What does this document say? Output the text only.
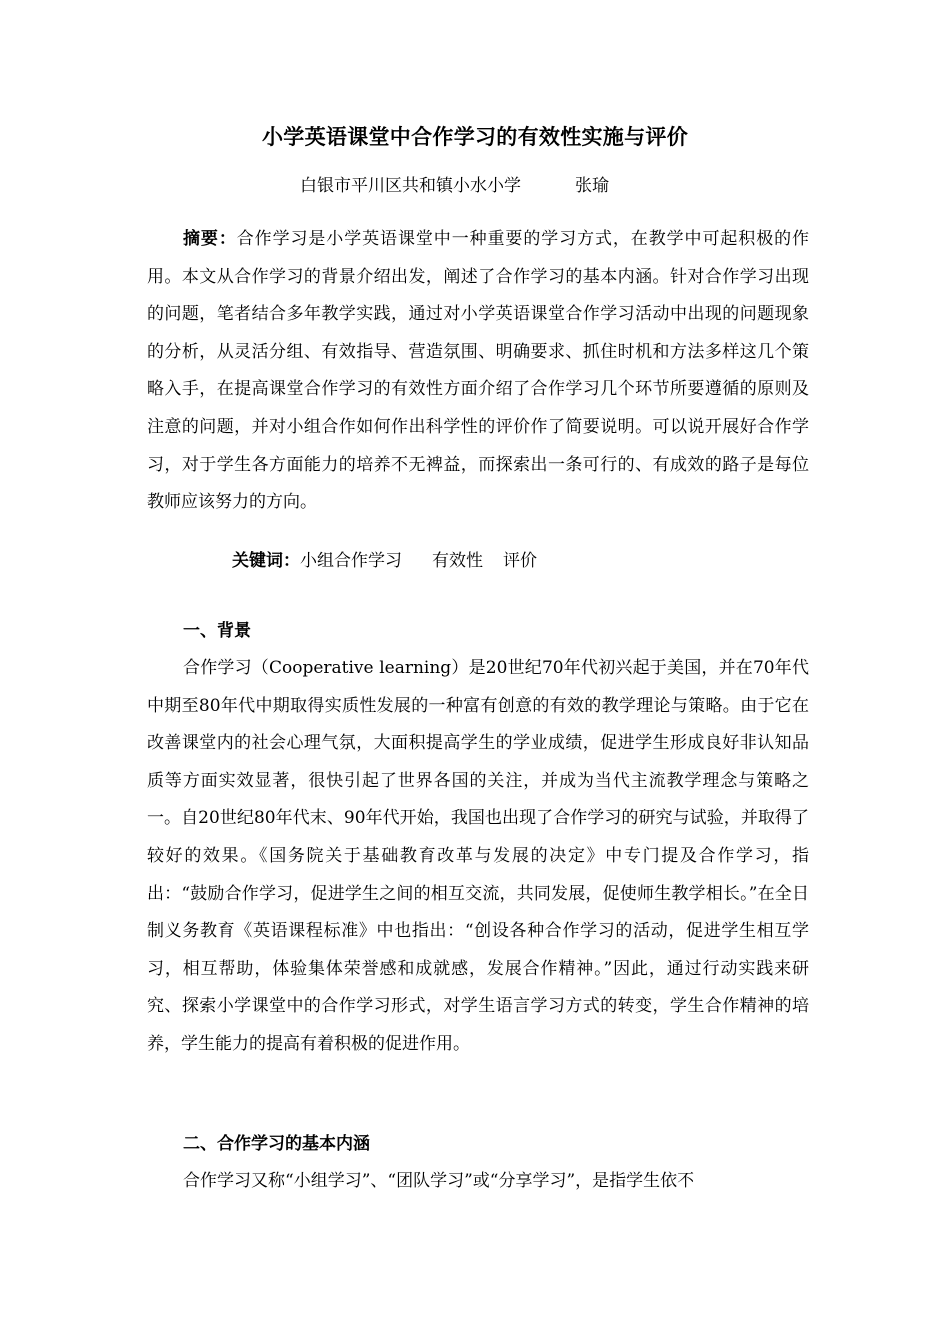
小学英语课堂中合作学习的有效性实施与评价
白银市平川区共和镇小水小学	张瑜
摘要：合作学习是小学英语课堂中一种重要的学习方式，在教学中可起积极的作用。本文从合作学习的背景介绍出发，阐述了合作学习的基本内涵。针对合作学习出现的问题，笔者结合多年教学实践，通过对小学英语课堂合作学习活动中出现的问题现象的分析，从灵活分组、有效指导、营造氛围、明确要求、抓住时机和方法多样这几个策略入手，在提高课堂合作学习的有效性方面介绍了合作学习几个环节所要遵循的原则及注意的问题，并对小组合作如何作出科学性的评价作了简要说明。可以说开展好合作学习，对于学生各方面能力的培养不无裨益，而探索出一条可行的、有成效的路子是每位教师应该努力的方向。
关键词：小组合作学习 有效性 评价
一、背景
合作学习（Cooperative learning）是20世纪70年代初兴起于美国，并在70年代中期至80年代中期取得实质性发展的一种富有创意的有效的教学理论与策略。由于它在改善课堂内的社会心理气氛，大面积提高学生的学业成绩，促进学生形成良好非认知品质等方面实效显著，很快引起了世界各国的关注，并成为当代主流教学理念与策略之一。自20世纪80年代末、90年代开始，我国也出现了合作学习的研究与试验，并取得了较好的效果。《国务院关于基础教育改革与发展的决定》中专门提及合作学习，指出：“鼓励合作学习，促进学生之间的相互交流，共同发展，促使师生教学相长。”在全日制义务教育《英语课程标准》中也指出：“创设各种合作学习的活动，促进学生相互学习，相互帮助，体验集体荣誉感和成就感，发展合作精神。”因此，通过行动实践来研究、探索小学课堂中的合作学习形式，对学生语言学习方式的转变，学生合作精神的培养，学生能力的提高有着积极的促进作用。
二、合作学习的基本内涵
合作学习又称“小组学习”、“团队学习”或“分享学习”，是指学生依不
